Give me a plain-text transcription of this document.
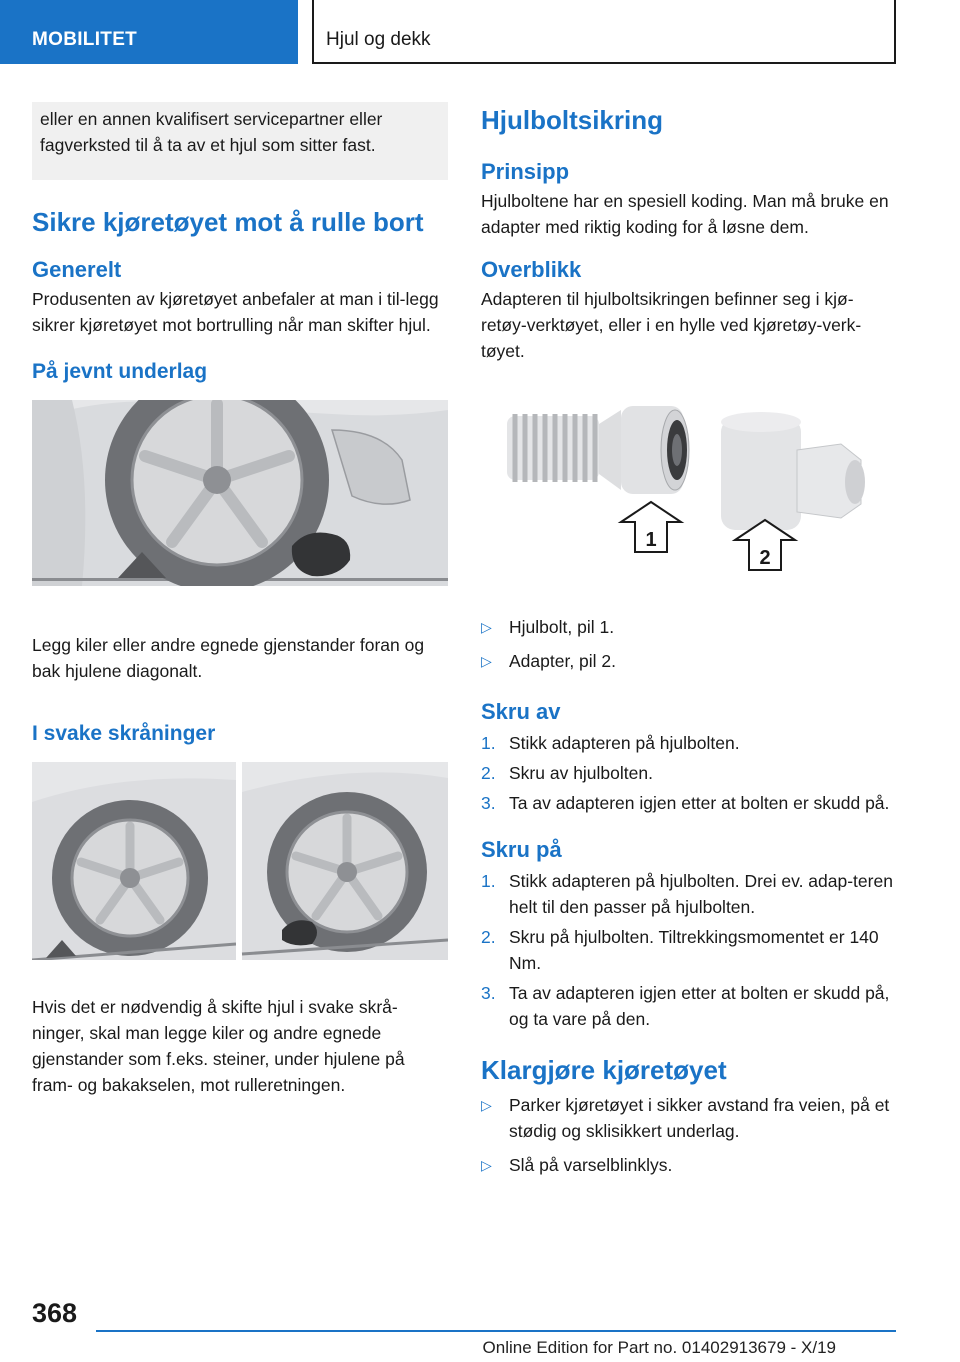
MOBILITET	Hjul og dekk
eller en annen kvalifisert servicepartner eller fagverksted til å ta av et hjul som sitter fast.
Sikre kjøretøyet mot å rulle bort
Generelt

Produsenten av kjøretøyet anbefaler at man i til-legg sikrer kjøretøyet mot bortrulling når man skifter hjul.

På jevnt underlag

Legg kiler eller andre egnede gjenstander foran og bak hjulene diagonalt.

I svake skråninger

Hvis det er nødvendig å skifte hjul i svake skrå-ninger, skal man legge kiler og andre egnede gjenstander som f.eks. steiner, under hjulene på fram- og bakakselen, mot rulleretningen.

Hjulboltsikring
Prinsipp

Hjulboltene har en spesiell koding. Man må bruke en adapter med riktig koding for å løsne dem.

Overblikk

Adapteren til hjulboltsikringen befinner seg i kjø-retøy-verktøyet, eller i en hylle ved kjøretøy-verk-tøyet.

1
2
▷ Hjulbolt, pil 1.
▷ Adapter, pil 2.
Skru av
1. Stikk adapteren på hjulbolten.
2. Skru av hjulbolten.
3. Ta av adapteren igjen etter at bolten er skudd på.
Skru på
1. Stikk adapteren på hjulbolten. Drei ev. adap-teren helt til den passer på hjulbolten.
2. Skru på hjulbolten. Tiltrekkingsmomentet er 140 Nm.
3. Ta av adapteren igjen etter at bolten er skudd på, og ta vare på den.
Klargjøre kjøretøyet
▷ Parker kjøretøyet i sikker avstand fra veien, på et stødig og sklisikkert underlag.
▷ Slå på varselblinklys.
368
Online Edition for Part no. 01402913679 - X/19
